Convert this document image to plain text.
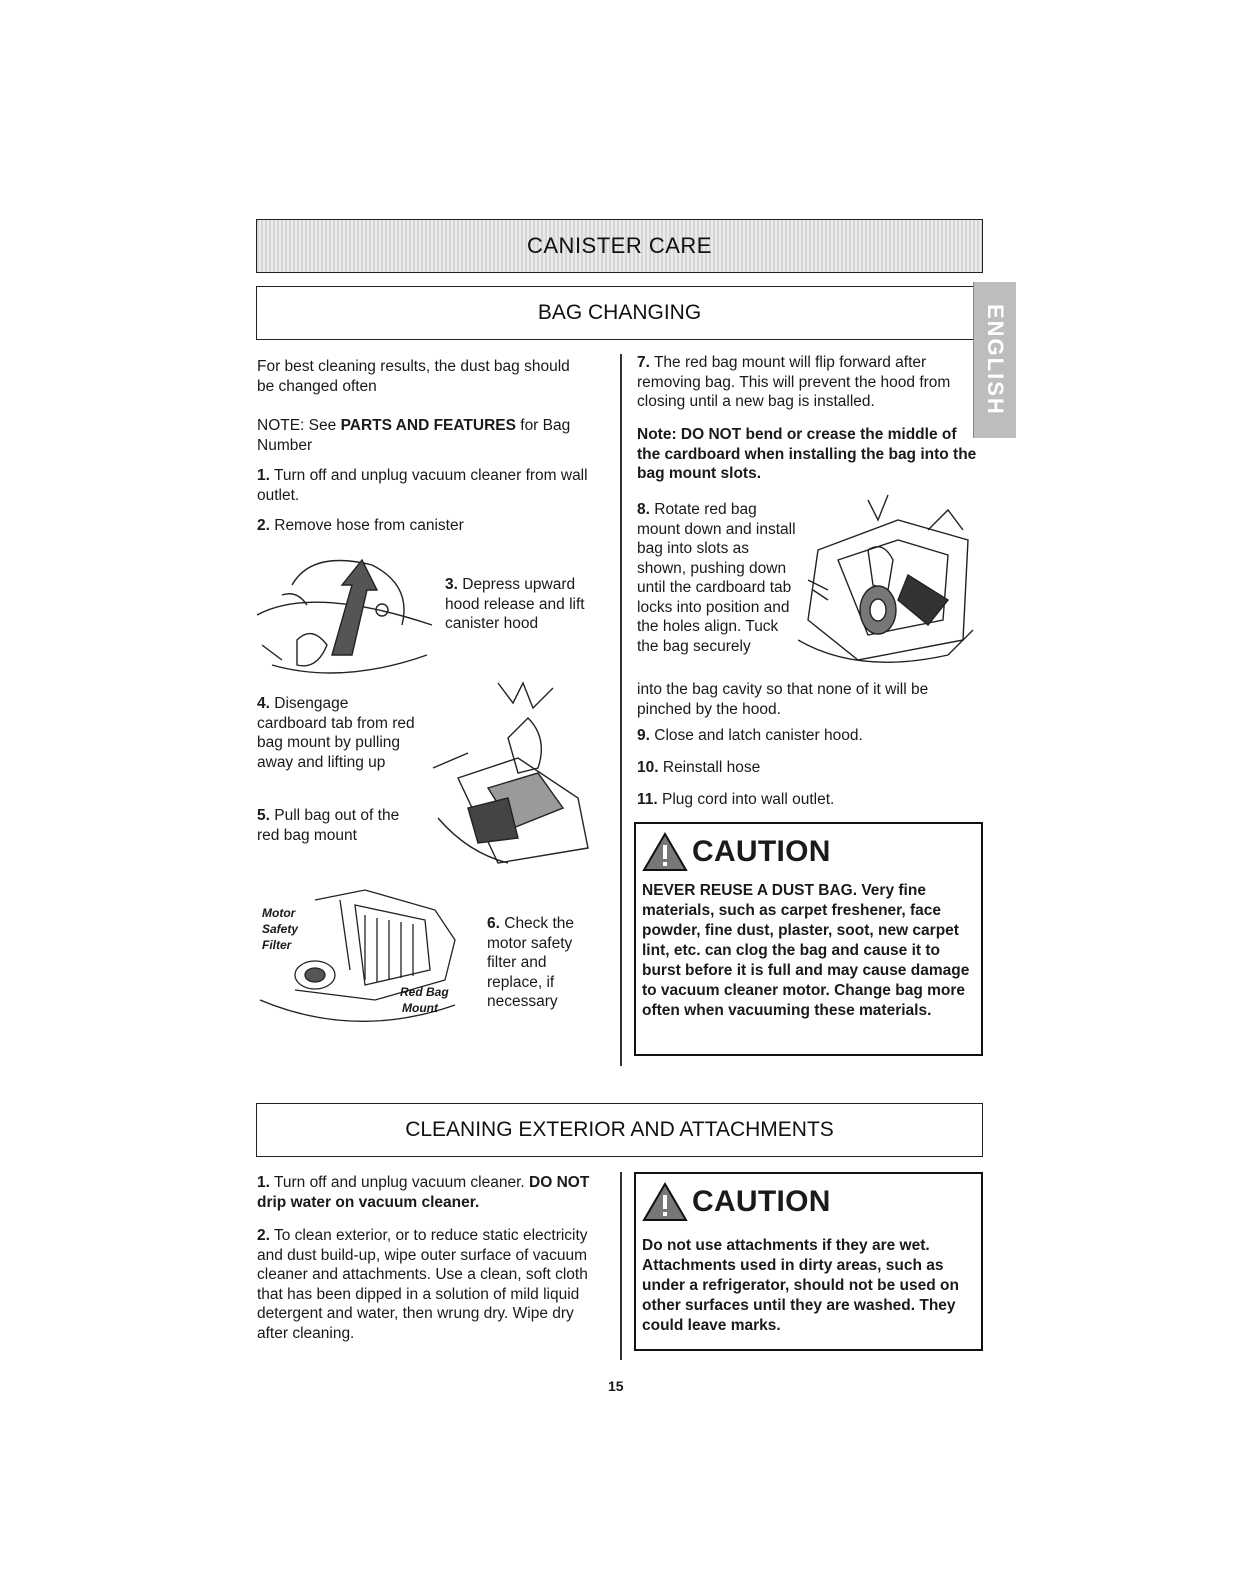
CANISTER CARE
BAG CHANGING
For best cleaning results, the dust bag should be changed often
NOTE: See PARTS AND FEATURES for Bag Number
1. Turn off and unplug vacuum cleaner from wall outlet.
2. Remove hose from canister
3. Depress upward hood release and lift canister hood
4. Disengage cardboard tab from red bag mount by pulling away and lifting up
5. Pull bag out of the red bag mount
Motor
Safety
Filter
Red Bag
Mount
6. Check the motor safety filter and replace, if necessary
7. The red bag mount will flip forward after removing bag. This will prevent the hood from closing until a new bag is installed.
Note: DO NOT bend or crease the middle of the cardboard when installing the bag into the bag mount slots.
8. Rotate red bag mount down and install bag into slots as shown, pushing down until the cardboard tab locks into position and the holes align. Tuck the bag securely
into the bag cavity so that none of it will be pinched by the hood.
9. Close and latch canister hood.
10. Reinstall hose
11. Plug cord into wall outlet.
ENGLISH
CAUTION
NEVER REUSE A DUST BAG. Very fine materials, such as carpet freshener, face powder, fine dust, plaster, soot, new carpet lint, etc. can clog the bag and cause it to burst before it is full and may cause damage to vacuum cleaner motor. Change bag more often when vacuuming these materials.
CLEANING EXTERIOR AND ATTACHMENTS
1. Turn off and unplug vacuum cleaner. DO NOT drip water on vacuum cleaner.
2. To clean exterior, or to reduce static electricity and dust build-up, wipe outer surface of vacuum cleaner and attachments. Use a clean, soft cloth that has been dipped in a solution of mild liquid detergent and water, then wrung dry. Wipe dry after cleaning.
CAUTION
Do not use attachments if they are wet. Attachments used in dirty areas, such as under a refrigerator, should not be used on other surfaces until they are washed. They could leave marks.
15
